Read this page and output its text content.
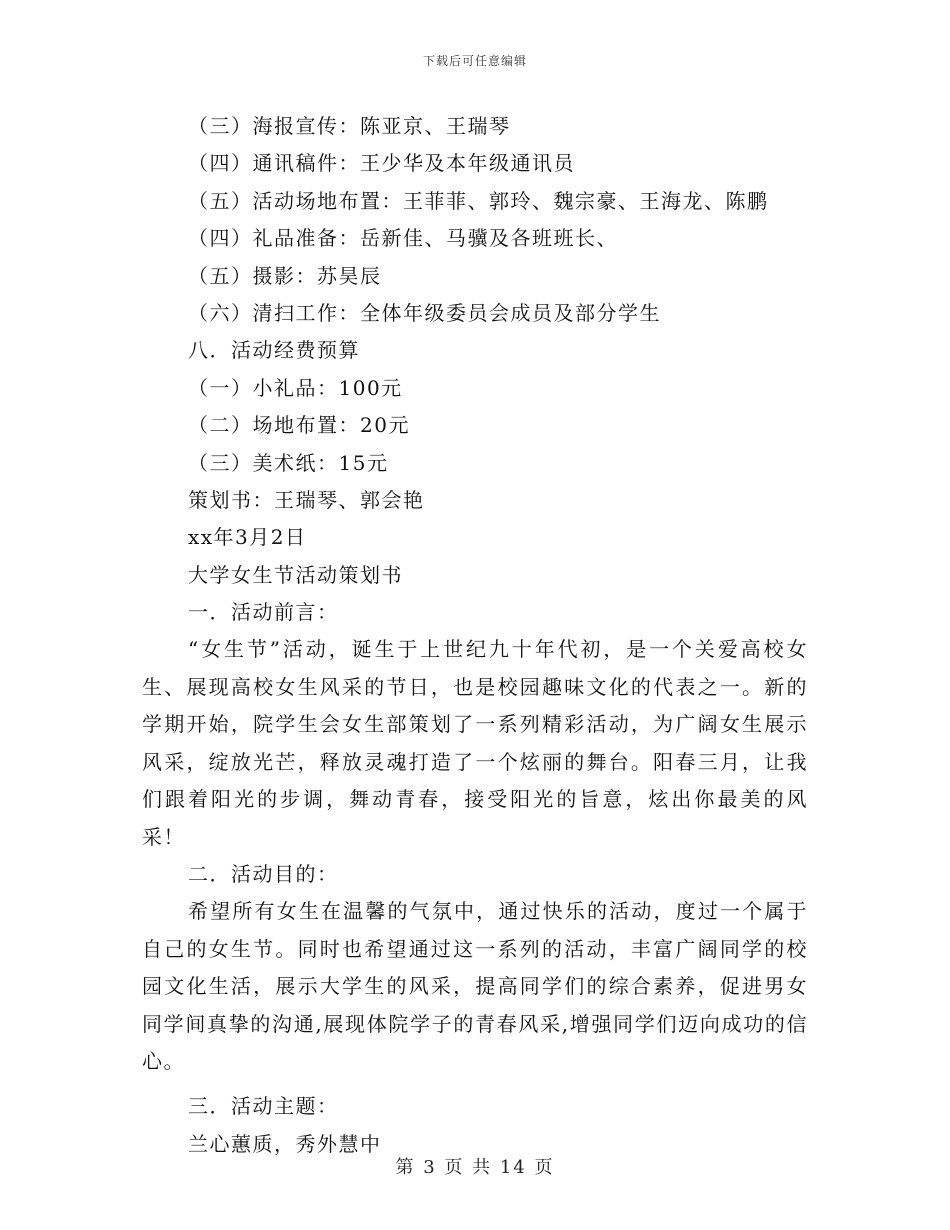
下载后可任意编辑
（三）海报宣传：陈亚京、王瑞琴
（四）通讯稿件：王少华及本年级通讯员
（五）活动场地布置：王菲菲、郭玲、魏宗豪、王海龙、陈鹏
（四）礼品准备：岳新佳、马骥及各班班长、
（五）摄影：苏昊辰
（六）清扫工作：全体年级委员会成员及部分学生
八．活动经费预算
（一）小礼品：100元
（二）场地布置：20元
（三）美术纸：15元
策划书：王瑞琴、郭会艳
xx年3月2日
大学女生节活动策划书
一．活动前言：

“女生节”活动，诞生于上世纪九十年代初，是一个关爱高校女生、展现高校女生风采的节日，也是校园趣味文化的代表之一。新的学期开始，院学生会女生部策划了一系列精彩活动，为广阔女生展示风采，绽放光芒，释放灵魂打造了一个炫丽的舞台。阳春三月，让我们跟着阳光的步调，舞动青春，接受阳光的旨意，炫出你最美的风采！

二．活动目的：

希望所有女生在温馨的气氛中，通过快乐的活动，度过一个属于自己的女生节。同时也希望通过这一系列的活动，丰富广阔同学的校园文化生活，展示大学生的风采，提高同学们的综合素养，促进男女同学间真挚的沟通,展现体院学子的青春风采,增强同学们迈向成功的信心。

三．活动主题：
兰心蕙质，秀外慧中
第 3 页 共 14 页
